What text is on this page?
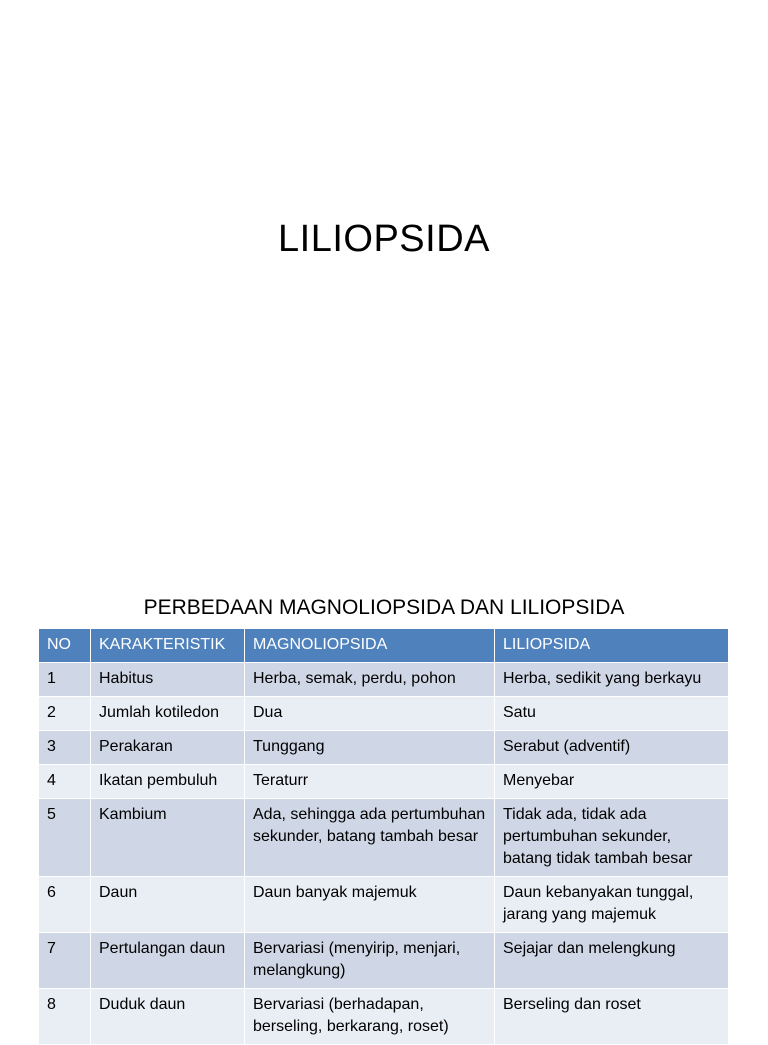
LILIOPSIDA
PERBEDAAN MAGNOLIOPSIDA DAN LILIOPSIDA
NO	KARAKTERISTIK	MAGNOLIOPSIDA	LILIOPSIDA
1	Habitus	Herba, semak, perdu, pohon	Herba, sedikit yang berkayu
2	Jumlah kotiledon	Dua	Satu
3	Perakaran	Tunggang	Serabut (adventif)
4	Ikatan pembuluh	Teraturr	Menyebar
5	Kambium	Ada, sehingga ada pertumbuhan sekunder, batang tambah besar	Tidak ada, tidak ada pertumbuhan sekunder, batang tidak tambah besar
6	Daun	Daun banyak majemuk	Daun kebanyakan tunggal, jarang yang majemuk
7	Pertulangan daun	Bervariasi (menyirip, menjari, melangkung)	Sejajar dan melengkung
8	Duduk daun	Bervariasi (berhadapan, berseling, berkarang, roset)	Berseling dan roset
